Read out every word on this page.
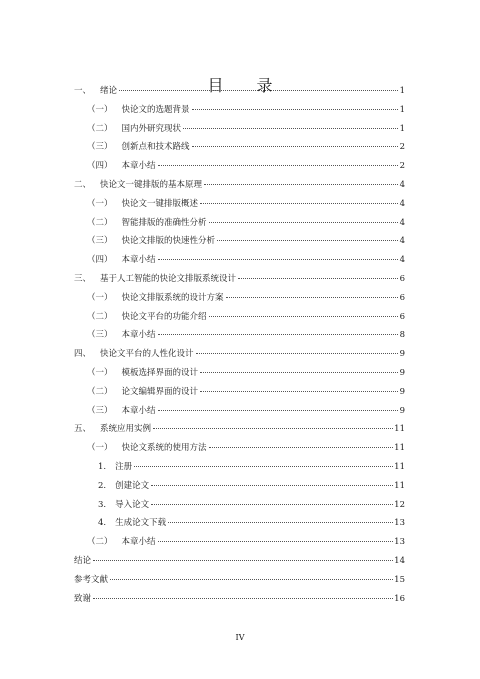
目 录
一、 绪论	1
（一） 快论文的选题背景	1
（二） 国内外研究现状	1
（三） 创新点和技术路线	2
（四） 本章小结	2
二、 快论文一键排版的基本原理	4
（一） 快论文一键排版概述	4
（二） 智能排版的准确性分析	4
（三） 快论文排版的快速性分析	4
（四） 本章小结	4
三、 基于人工智能的快论文排版系统设计	6
（一） 快论文排版系统的设计方案	6
（二） 快论文平台的功能介绍	6
（三） 本章小结	8
四、 快论文平台的人性化设计	9
（一） 模板选择界面的设计	9
（二） 论文编辑界面的设计	9
（三） 本章小结	9
五、 系统应用实例	11
（一） 快论文系统的使用方法	11
1. 注册	11
2. 创建论文	11
3. 导入论文	12
4. 生成论文下载	13
（二） 本章小结	13
结论	14
参考文献	15
致谢	16
IV
